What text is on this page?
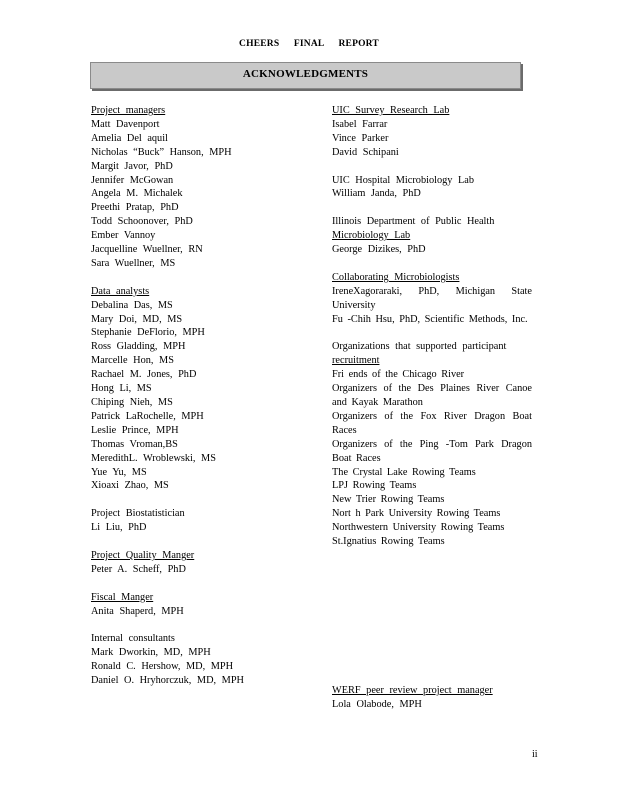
CHEERS FINAL REPORT
ACKNOWLEDGMENTS
Project managers
Matt Davenport
Amelia Del aquil
Nicholas “Buck” Hanson, MPH
Margit Javor, PhD
Jennifer McGowan
Angela M. Michalek
Preethi Pratap, PhD
Todd Schoonover, PhD
Ember Vannoy
Jacquelline Wuellner, RN
Sara Wuellner, MS
Data analysts
Debalina Das, MS
Mary Doi, MD, MS
Stephanie DeFlorio, MPH
Ross Gladding, MPH
Marcelle Hon, MS
Rachael M. Jones, PhD
Hong Li, MS
Chiping Nieh, MS
Patrick LaRochelle, MPH
Leslie Prince, MPH
Thomas Vroman,BS
MeredithL. Wroblewski, MS
Yue Yu, MS
Xioaxi Zhao, MS
Project Biostatistician
Li Liu, PhD
Project Quality Manger
Peter A. Scheff, PhD
Fiscal Manger
Anita Shaperd, MPH
Internal consultants
Mark Dworkin, MD, MPH
Ronald C. Hershow, MD, MPH
Daniel O. Hryhorczuk, MD, MPH
UIC Survey Research Lab
Isabel Farrar
Vince Parker
David Schipani
UIC Hospital Microbiology Lab
William Janda, PhD
Illinois Department of Public Health
Microbiology Lab
George Dizikes, PhD
Collaborating Microbiologists
IreneXagoraraki, PhD, Michigan State University
Fu -Chih Hsu, PhD, Scientific Methods, Inc.
Organizations that supported participant
recruitment
Fri ends of the Chicago River
Organizers of the Des Plaines River Canoe and Kayak Marathon
Organizers of the Fox River Dragon Boat Races
Organizers of the Ping -Tom Park Dragon Boat Races
The Crystal Lake Rowing Teams
LPJ Rowing Teams
New Trier Rowing Teams
Nort h Park University Rowing Teams
Northwestern University Rowing Teams
St.Ignatius Rowing Teams
WERF peer review project manager
Lola Olabode, MPH
ii
